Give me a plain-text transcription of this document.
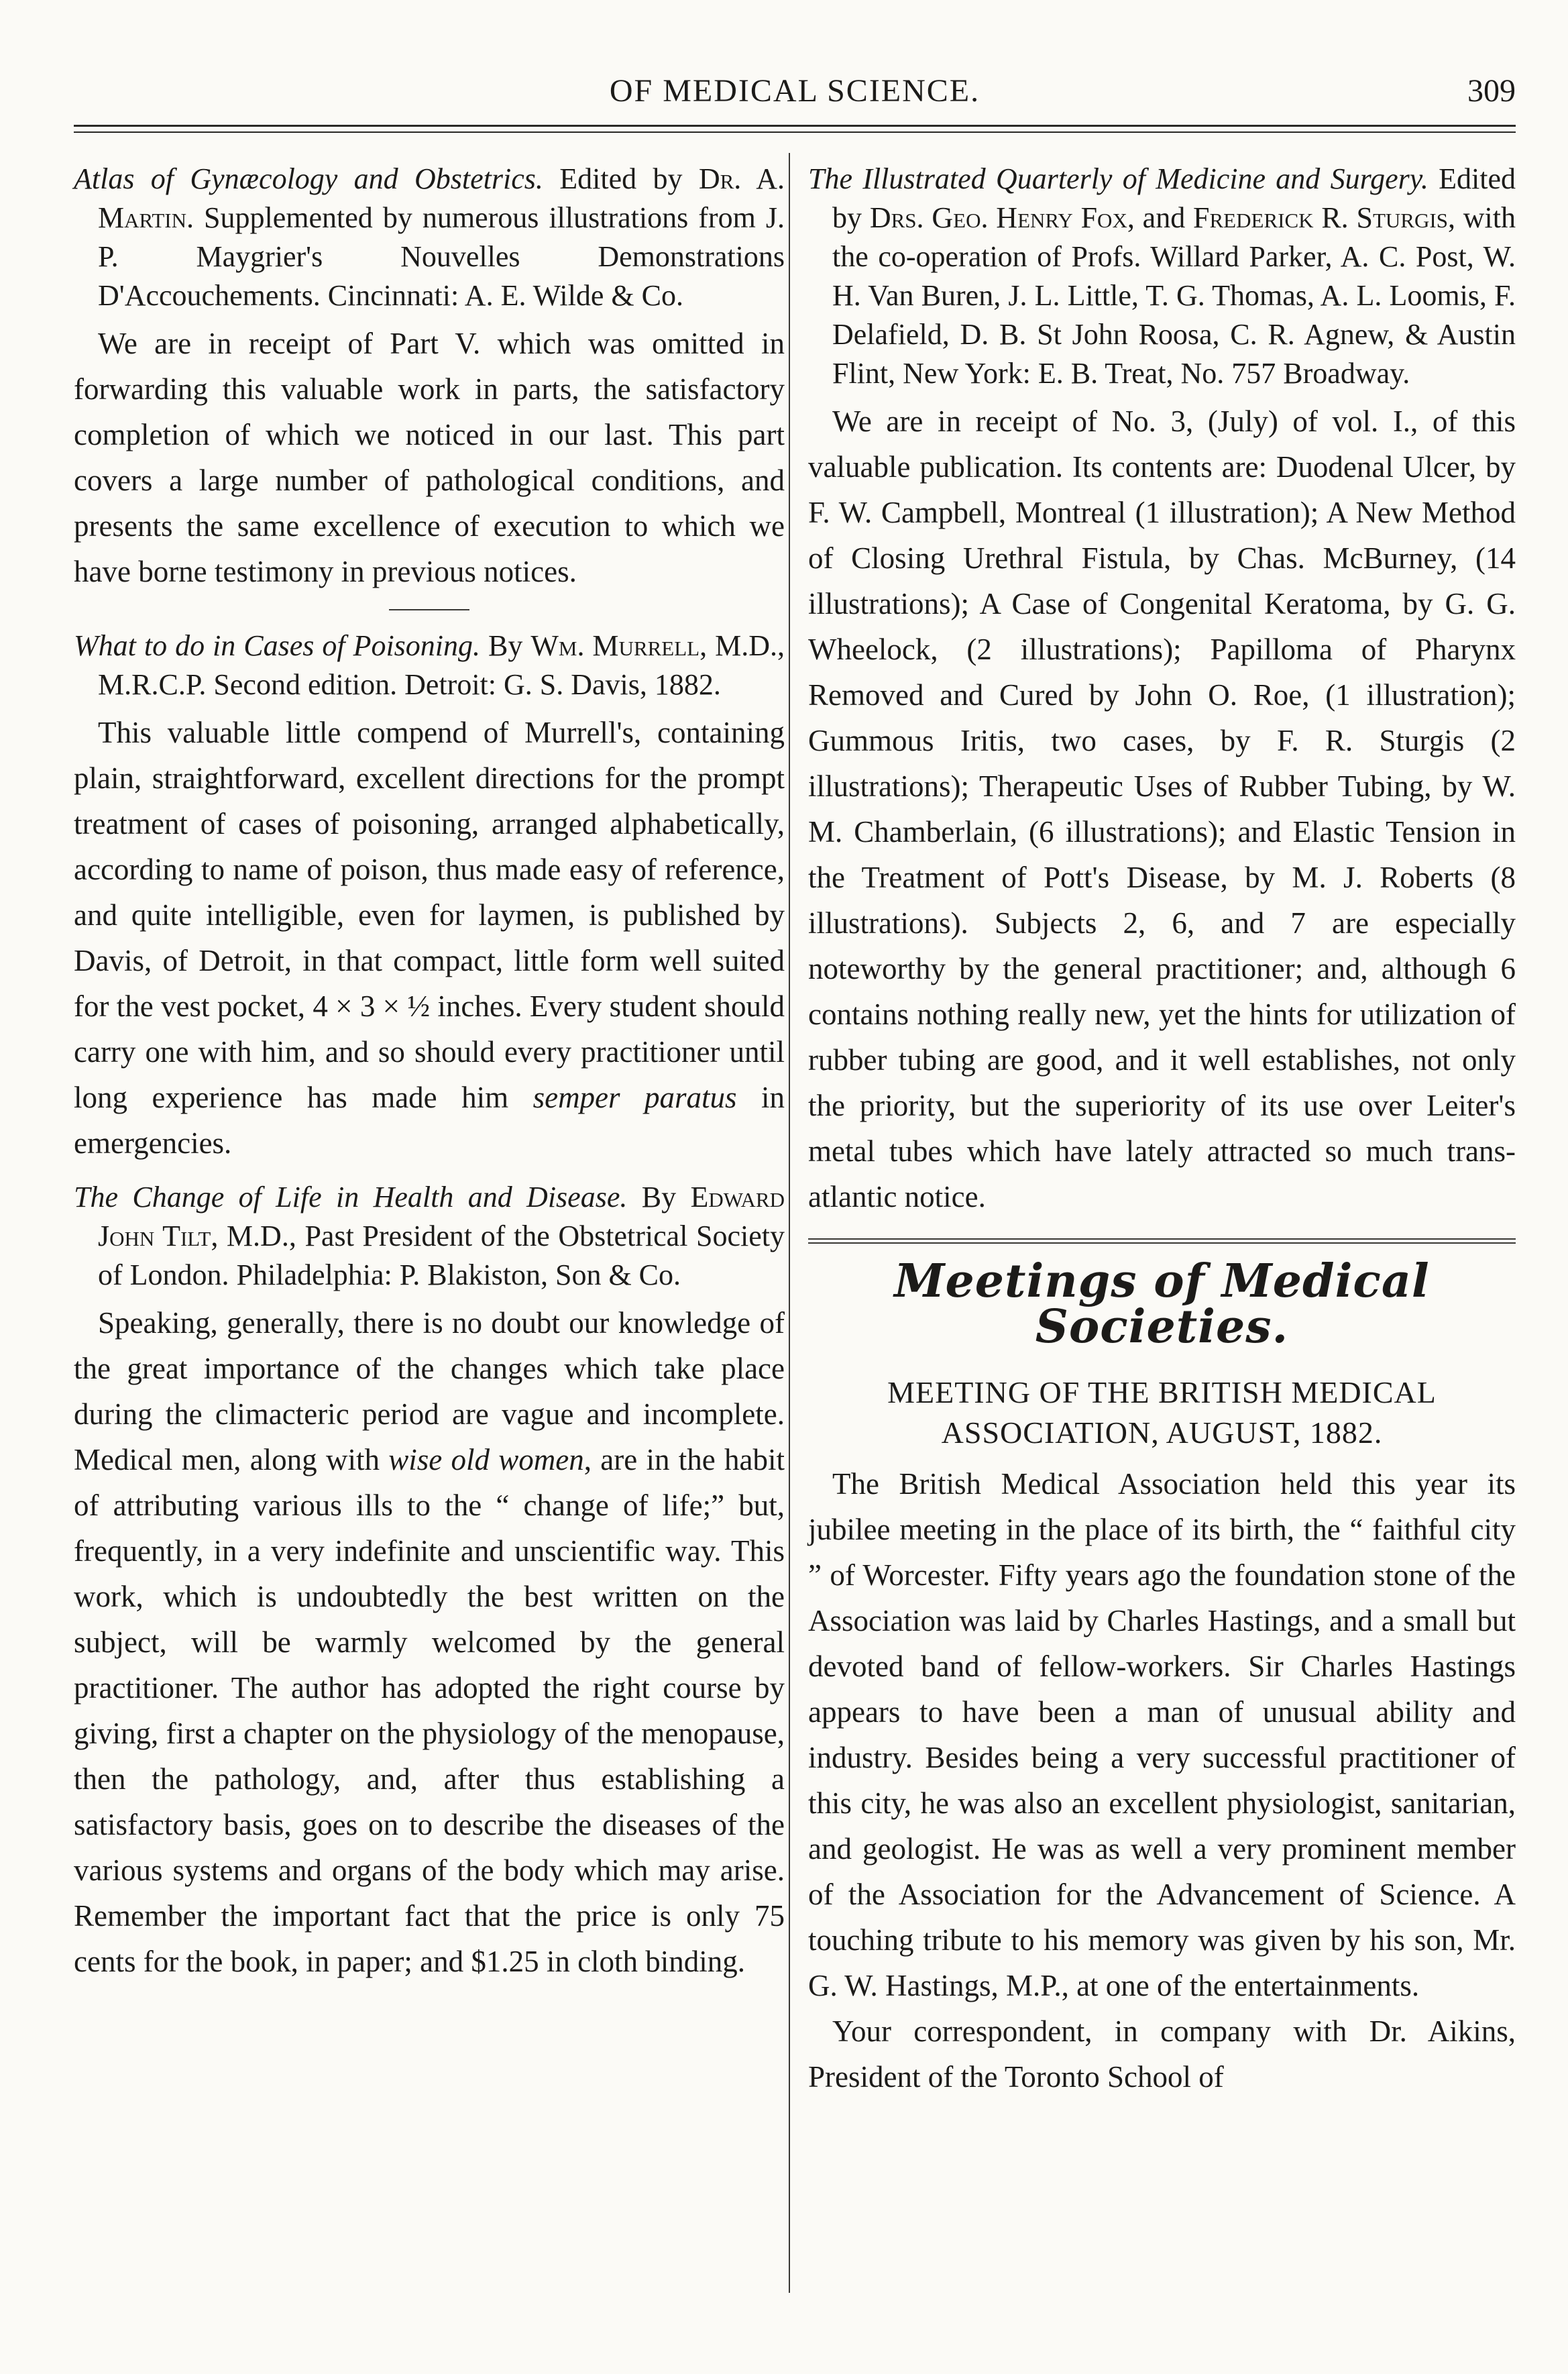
OF MEDICAL SCIENCE.	309

Atlas of Gynæcology and Obstetrics. Edited by Dr. A. Martin. Supplemented by numerous illustrations from J. P. Maygrier's Nouvelles Demonstrations D'Accouchements. Cincinnati: A. E. Wilde & Co.

We are in receipt of Part V. which was omitted in forwarding this valuable work in parts, the satisfactory completion of which we noticed in our last. This part covers a large number of pathological conditions, and presents the same excellence of execution to which we have borne testimony in previous notices.

What to do in Cases of Poisoning. By Wm. Murrell, M.D., M.R.C.P. Second edition. Detroit: G. S. Davis, 1882.

This valuable little compend of Murrell's, containing plain, straightforward, excellent directions for the prompt treatment of cases of poisoning, arranged alphabetically, according to name of poison, thus made easy of reference, and quite intelligible, even for laymen, is published by Davis, of Detroit, in that compact, little form well suited for the vest pocket, 4 × 3 × ½ inches. Every student should carry one with him, and so should every practitioner until long experience has made him semper paratus in emergencies.

The Change of Life in Health and Disease. By Edward John Tilt, M.D., Past President of the Obstetrical Society of London. Philadelphia: P. Blakiston, Son & Co.

Speaking, generally, there is no doubt our knowledge of the great importance of the changes which take place during the climacteric period are vague and incomplete. Medical men, along with wise old women, are in the habit of attributing various ills to the “ change of life;” but, frequently, in a very indefinite and unscientific way. This work, which is undoubtedly the best written on the subject, will be warmly welcomed by the general practitioner. The author has adopted the right course by giving, first a chapter on the physiology of the menopause, then the pathology, and, after thus establishing a satisfactory basis, goes on to describe the diseases of the various systems and organs of the body which may arise. Remember the important fact that the price is only 75 cents for the book, in paper; and $1.25 in cloth binding.

The Illustrated Quarterly of Medicine and Surgery. Edited by Drs. Geo. Henry Fox, and Frederick R. Sturgis, with the co-operation of Profs. Willard Parker, A. C. Post, W. H. Van Buren, J. L. Little, T. G. Thomas, A. L. Loomis, F. Delafield, D. B. St John Roosa, C. R. Agnew, & Austin Flint, New York: E. B. Treat, No. 757 Broadway.

We are in receipt of No. 3, (July) of vol. I., of this valuable publication. Its contents are: Duodenal Ulcer, by F. W. Campbell, Montreal (1 illustration); A New Method of Closing Urethral Fistula, by Chas. McBurney, (14 illustrations); A Case of Congenital Keratoma, by G. G. Wheelock, (2 illustrations); Papilloma of Pharynx Removed and Cured by John O. Roe, (1 illustration); Gummous Iritis, two cases, by F. R. Sturgis (2 illustrations); Therapeutic Uses of Rubber Tubing, by W. M. Chamberlain, (6 illustrations); and Elastic Tension in the Treatment of Pott's Disease, by M. J. Roberts (8 illustrations). Subjects 2, 6, and 7 are especially noteworthy by the general practitioner; and, although 6 contains nothing really new, yet the hints for utilization of rubber tubing are good, and it well establishes, not only the priority, but the superiority of its use over Leiter's metal tubes which have lately attracted so much trans-atlantic notice.

Meetings of Medical Societies.
MEETING OF THE BRITISH MEDICAL ASSOCIATION, AUGUST, 1882.

The British Medical Association held this year its jubilee meeting in the place of its birth, the “ faithful city ” of Worcester. Fifty years ago the foundation stone of the Association was laid by Charles Hastings, and a small but devoted band of fellow-workers. Sir Charles Hastings appears to have been a man of unusual ability and industry. Besides being a very successful practitioner of this city, he was also an excellent physiologist, sanitarian, and geologist. He was as well a very prominent member of the Association for the Advancement of Science. A touching tribute to his memory was given by his son, Mr. G. W. Hastings, M.P., at one of the entertainments.

Your correspondent, in company with Dr. Aikins, President of the Toronto School of
